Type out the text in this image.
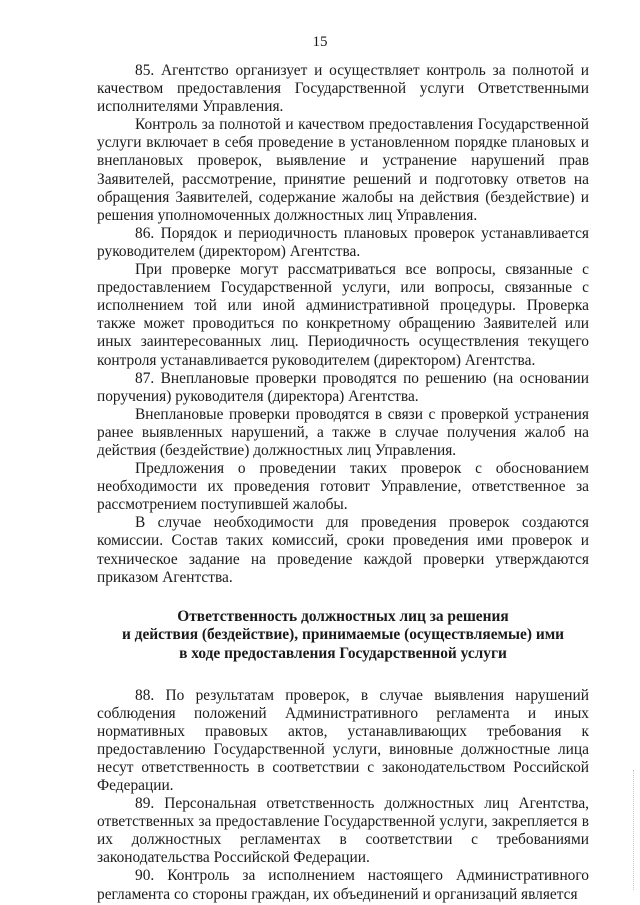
15

85. Агентство организует и осуществляет контроль за полнотой и качеством предоставления Государственной услуги Ответственными исполнителями Управления.

Контроль за полнотой и качеством предоставления Государственной услуги включает в себя проведение в установленном порядке плановых и внеплановых проверок, выявление и устранение нарушений прав Заявителей, рассмотрение, принятие решений и подготовку ответов на обращения Заявителей, содержание жалобы на действия (бездействие) и решения уполномоченных должностных лиц Управления.

86. Порядок и периодичность плановых проверок устанавливается руководителем (директором) Агентства.

При проверке могут рассматриваться все вопросы, связанные с предоставлением Государственной услуги, или вопросы, связанные с исполнением той или иной административной процедуры. Проверка также может проводиться по конкретному обращению Заявителей или иных заинтересованных лиц. Периодичность осуществления текущего контроля устанавливается руководителем (директором) Агентства.

87. Внеплановые проверки проводятся по решению (на основании поручения) руководителя (директора) Агентства.

Внеплановые проверки проводятся в связи с проверкой устранения ранее выявленных нарушений, а также в случае получения жалоб на действия (бездействие) должностных лиц Управления.

Предложения о проведении таких проверок с обоснованием необходимости их проведения готовит Управление, ответственное за рассмотрением поступившей жалобы.

В случае необходимости для проведения проверок создаются комиссии. Состав таких комиссий, сроки проведения ими проверок и техническое задание на проведение каждой проверки утверждаются приказом Агентства.

Ответственность должностных лиц за решения
и действия (бездействие), принимаемые (осуществляемые) ими
в ходе предоставления Государственной услуги

88. По результатам проверок, в случае выявления нарушений соблюдения положений Административного регламента и иных нормативных правовых актов, устанавливающих требования к предоставлению Государственной услуги, виновные должностные лица несут ответственность в соответствии с законодательством Российской Федерации.

89. Персональная ответственность должностных лиц Агентства, ответственных за предоставление Государственной услуги, закрепляется в их должностных регламентах в соответствии с требованиями законодательства Российской Федерации.

90. Контроль за исполнением настоящего Административного регламента со стороны граждан, их объединений и организаций является
